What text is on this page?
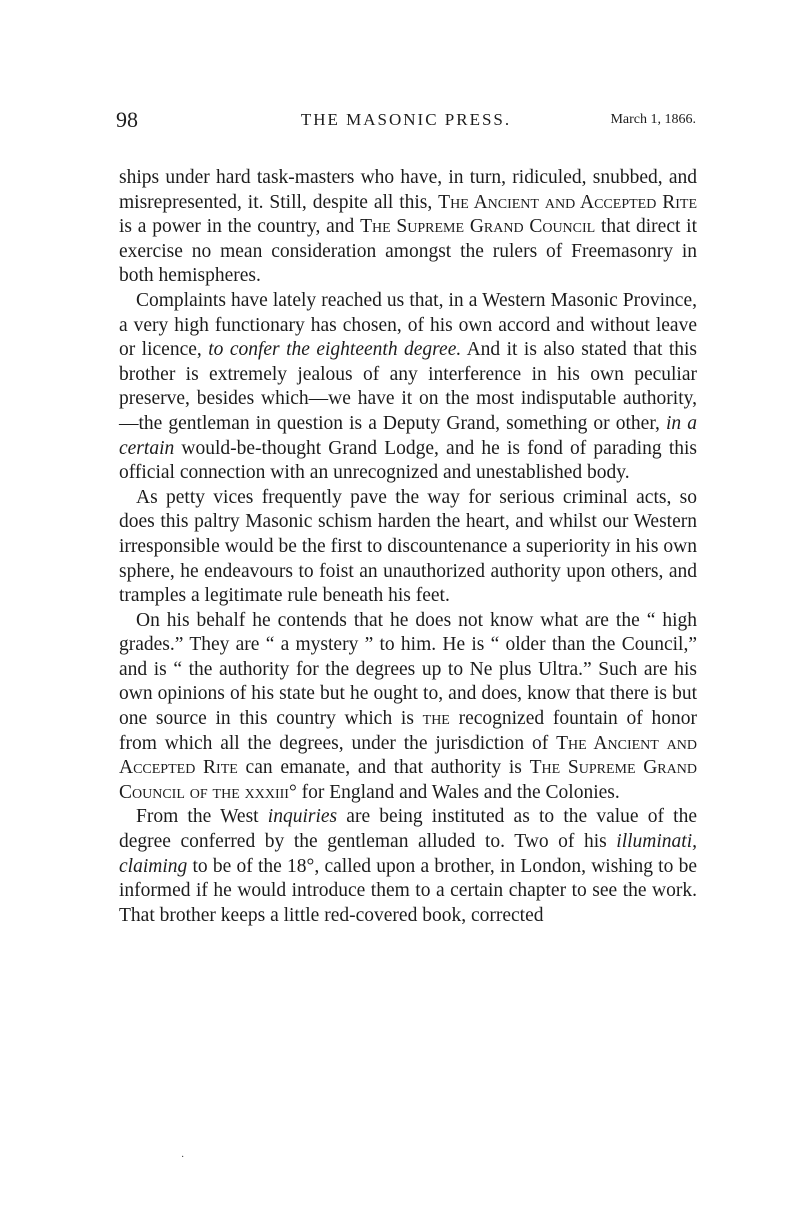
98	THE MASONIC PRESS.	March 1, 1866.

ships under hard task-masters who have, in turn, ridiculed, snubbed, and misrepresented, it. Still, despite all this, The Ancient and Accepted Rite is a power in the country, and The Supreme Grand Council that direct it exercise no mean consideration amongst the rulers of Freemasonry in both hemispheres.

Complaints have lately reached us that, in a Western Masonic Province, a very high functionary has chosen, of his own accord and without leave or licence, to confer the eighteenth degree. And it is also stated that this brother is extremely jealous of any interference in his own peculiar preserve, besides which—we have it on the most indisputable authority,—the gentleman in question is a Deputy Grand, something or other, in a certain would-be-thought Grand Lodge, and he is fond of parading this official connection with an unrecognized and unestablished body.

As petty vices frequently pave the way for serious criminal acts, so does this paltry Masonic schism harden the heart, and whilst our Western irresponsible would be the first to discountenance a superiority in his own sphere, he endeavours to foist an unauthorized authority upon others, and tramples a legitimate rule beneath his feet.

On his behalf he contends that he does not know what are the “ high grades.” They are “ a mystery ” to him. He is “ older than the Council,” and is “ the authority for the degrees up to Ne plus Ultra.” Such are his own opinions of his state but he ought to, and does, know that there is but one source in this country which is the recognized fountain of honor from which all the degrees, under the jurisdiction of The Ancient and Accepted Rite can emanate, and that authority is The Supreme Grand Council of the xxxiii° for England and Wales and the Colonies.

From the West inquiries are being instituted as to the value of the degree conferred by the gentleman alluded to. Two of his illuminati, claiming to be of the 18°, called upon a brother, in London, wishing to be informed if he would introduce them to a certain chapter to see the work. That brother keeps a little red-covered book, corrected

·
